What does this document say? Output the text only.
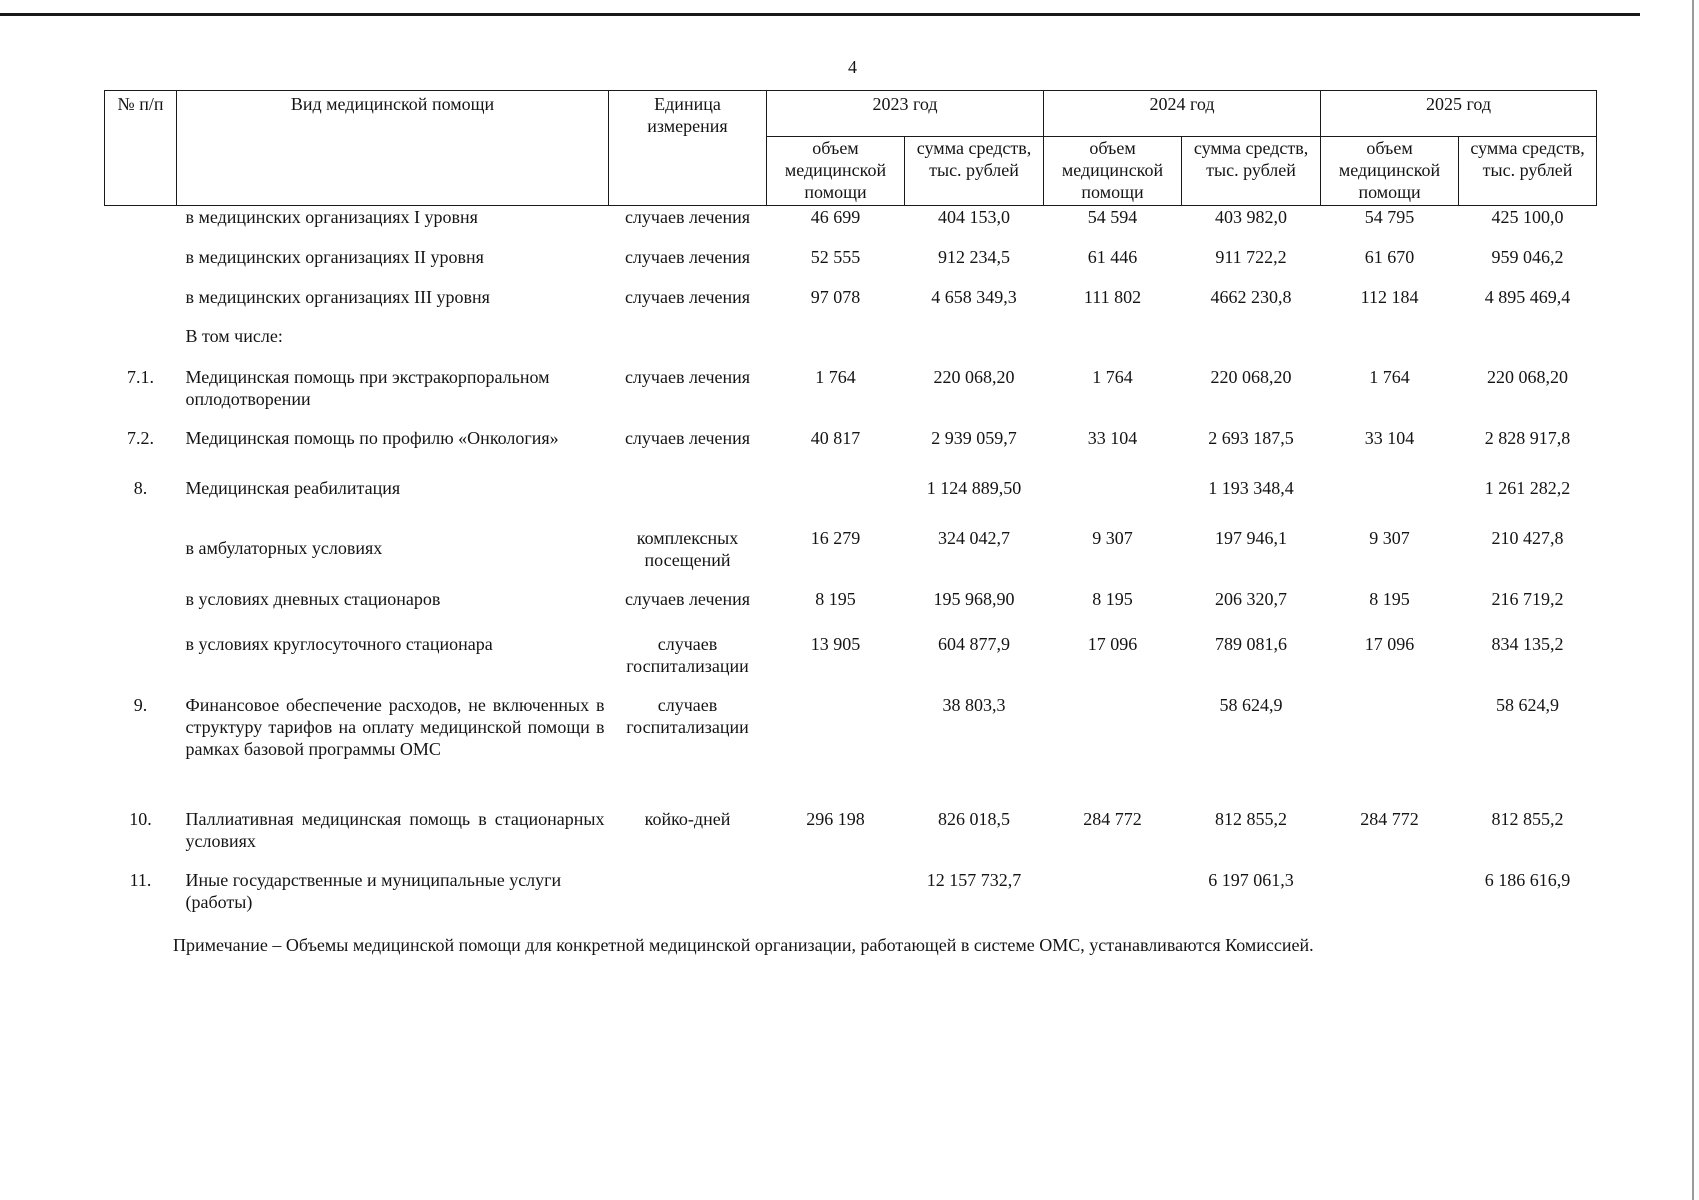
4
№ п/п	Вид медицинской помощи	Единица измерения	2023 год		2024 год		2025 год	
			объем медицинской помощи	сумма средств, тыс. рублей	объем медицинской помощи	сумма средств, тыс. рублей	объем медицинской помощи	сумма средств, тыс. рублей
	в медицинских организациях I уровня	случаев лечения	46 699	404 153,0	54 594	403 982,0	54 795	425 100,0
	в медицинских организациях II уровня	случаев лечения	52 555	912 234,5	61 446	911 722,2	61 670	959 046,2
	в медицинских организациях III уровня	случаев лечения	97 078	4 658 349,3	111 802	4662 230,8	112 184	4 895 469,4
	В том числе:							
7.1.	Медицинская помощь при экстракорпоральном оплодотворении	случаев лечения	1 764	220 068,20	1 764	220 068,20	1 764	220 068,20
7.2.	Медицинская помощь по профилю «Онкология»	случаев лечения	40 817	2 939 059,7	33 104	2 693 187,5	33 104	2 828 917,8
8.	Медицинская реабилитация			1 124 889,50		1 193 348,4		1 261 282,2
	в амбулаторных условиях	комплексных посещений	16 279	324 042,7	9 307	197 946,1	9 307	210 427,8
	в условиях дневных стационаров	случаев лечения	8 195	195 968,90	8 195	206 320,7	8 195	216 719,2
	в условиях круглосуточного стационара	случаев госпитализации	13 905	604 877,9	17 096	789 081,6	17 096	834 135,2
9.	Финансовое обеспечение расходов, не включенных в структуру тарифов на оплату медицинской помощи в рамках базовой программы ОМС	случаев госпитализации		38 803,3		58 624,9		58 624,9
10.	Паллиативная медицинская помощь в стационарных условиях	койко-дней	296 198	826 018,5	284 772	812 855,2	284 772	812 855,2
11.	Иные государственные и муниципальные услуги (работы)			12 157 732,7		6 197 061,3		6 186 616,9
Примечание – Объемы медицинской помощи для конкретной медицинской организации, работающей в системе ОМС, устанавливаются Комиссией.
